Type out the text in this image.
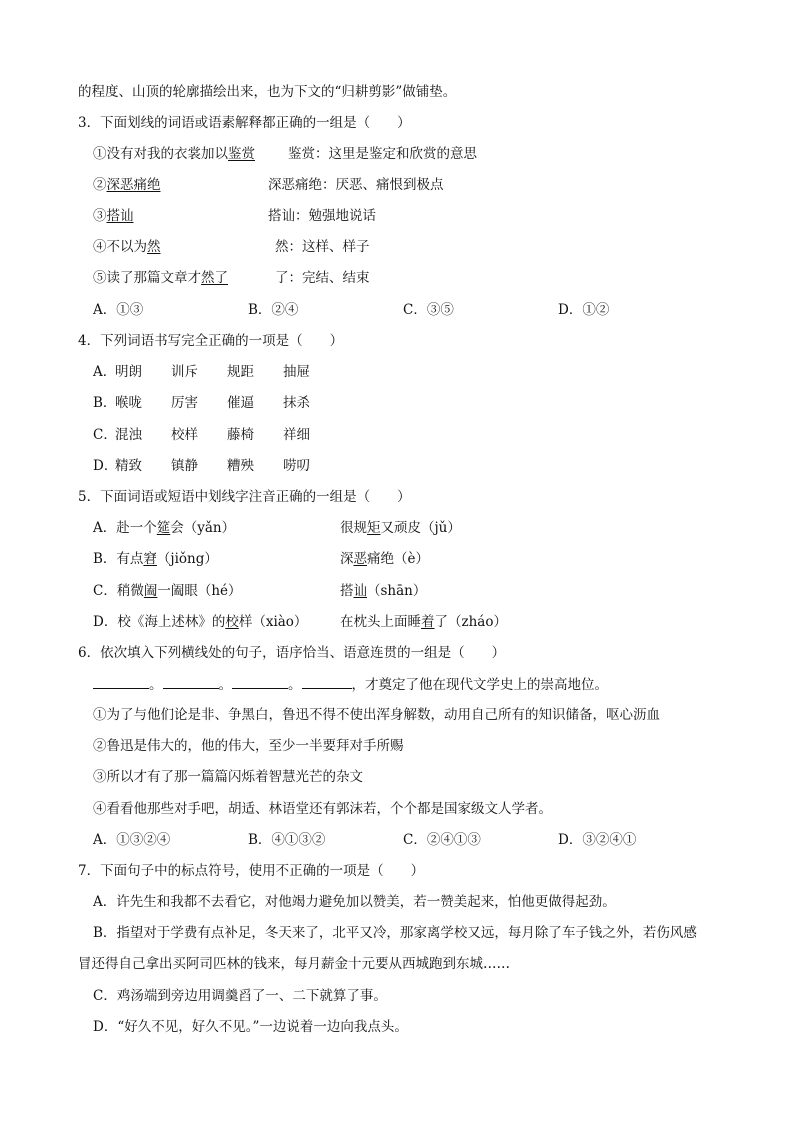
的程度、山顶的轮廓描绘出来，也为下文的“归耕剪影”做铺垫。
3．下面划线的词语或语素解释都正确的一组是（　　）
①没有对我的衣裳加以鉴赏 鉴赏：这里是鉴定和欣赏的意思
②深恶痛绝	深恶痛绝：厌恶、痛恨到极点
③搭讪	搭讪：勉强地说话
④不以为然	然：这样、样子
⑤读了那篇文章才然了	了：完结、结束
A．①③	B．②④	C．③⑤	D．①②
4．下列词语书写完全正确的一项是（　　）
A．
明朗 训斥 规距 抽屉
B．
喉咙 厉害 催逼 抹杀
C．
混浊 校样 藤椅 祥细
D．
精致 镇静 糟殃 唠叨
5．下面词语或短语中划线字注音正确的一组是（　　）
A．赴一个筵会（yǎn）	很规矩又顽皮（jǔ）
B．有点窘（jiǒng）	深恶痛绝（è）
C．稍微阖一阖眼（hé）	搭讪（shān）
D．校《海上述林》的校样（xiào） 在枕头上面睡着了（zháo）
6．依次填入下列横线处的句子，语序恰当、语意连贯的一组是（　　）
。	。	。	，才奠定了他在现代文学史上的崇高地位。
①为了与他们论是非、争黑白，鲁迅不得不使出浑身解数，动用自己所有的知识储备，呕心沥血
②鲁迅是伟大的，他的伟大，至少一半要拜对手所赐
③所以才有了那一篇篇闪烁着智慧光芒的杂文
④看看他那些对手吧，胡适、林语堂还有郭沫若，个个都是国家级文人学者。
A．①③②④	B．④①③②	C．②④①③	D．③②④①
7．下面句子中的标点符号，使用不正确的一项是（　　）
A．许先生和我都不去看它，对他竭力避免加以赞美，若一赞美起来，怕他更做得起劲。
B．指望对于学费有点补足，冬天来了，北平又冷，那家离学校又远，每月除了车子钱之外，若伤风感
冒还得自己拿出买阿司匹林的钱来，每月薪金十元要从西城跑到东城……
C．鸡汤端到旁边用调羹舀了一、二下就算了事。
D．“好久不见，好久不见。”一边说着一边向我点头。
